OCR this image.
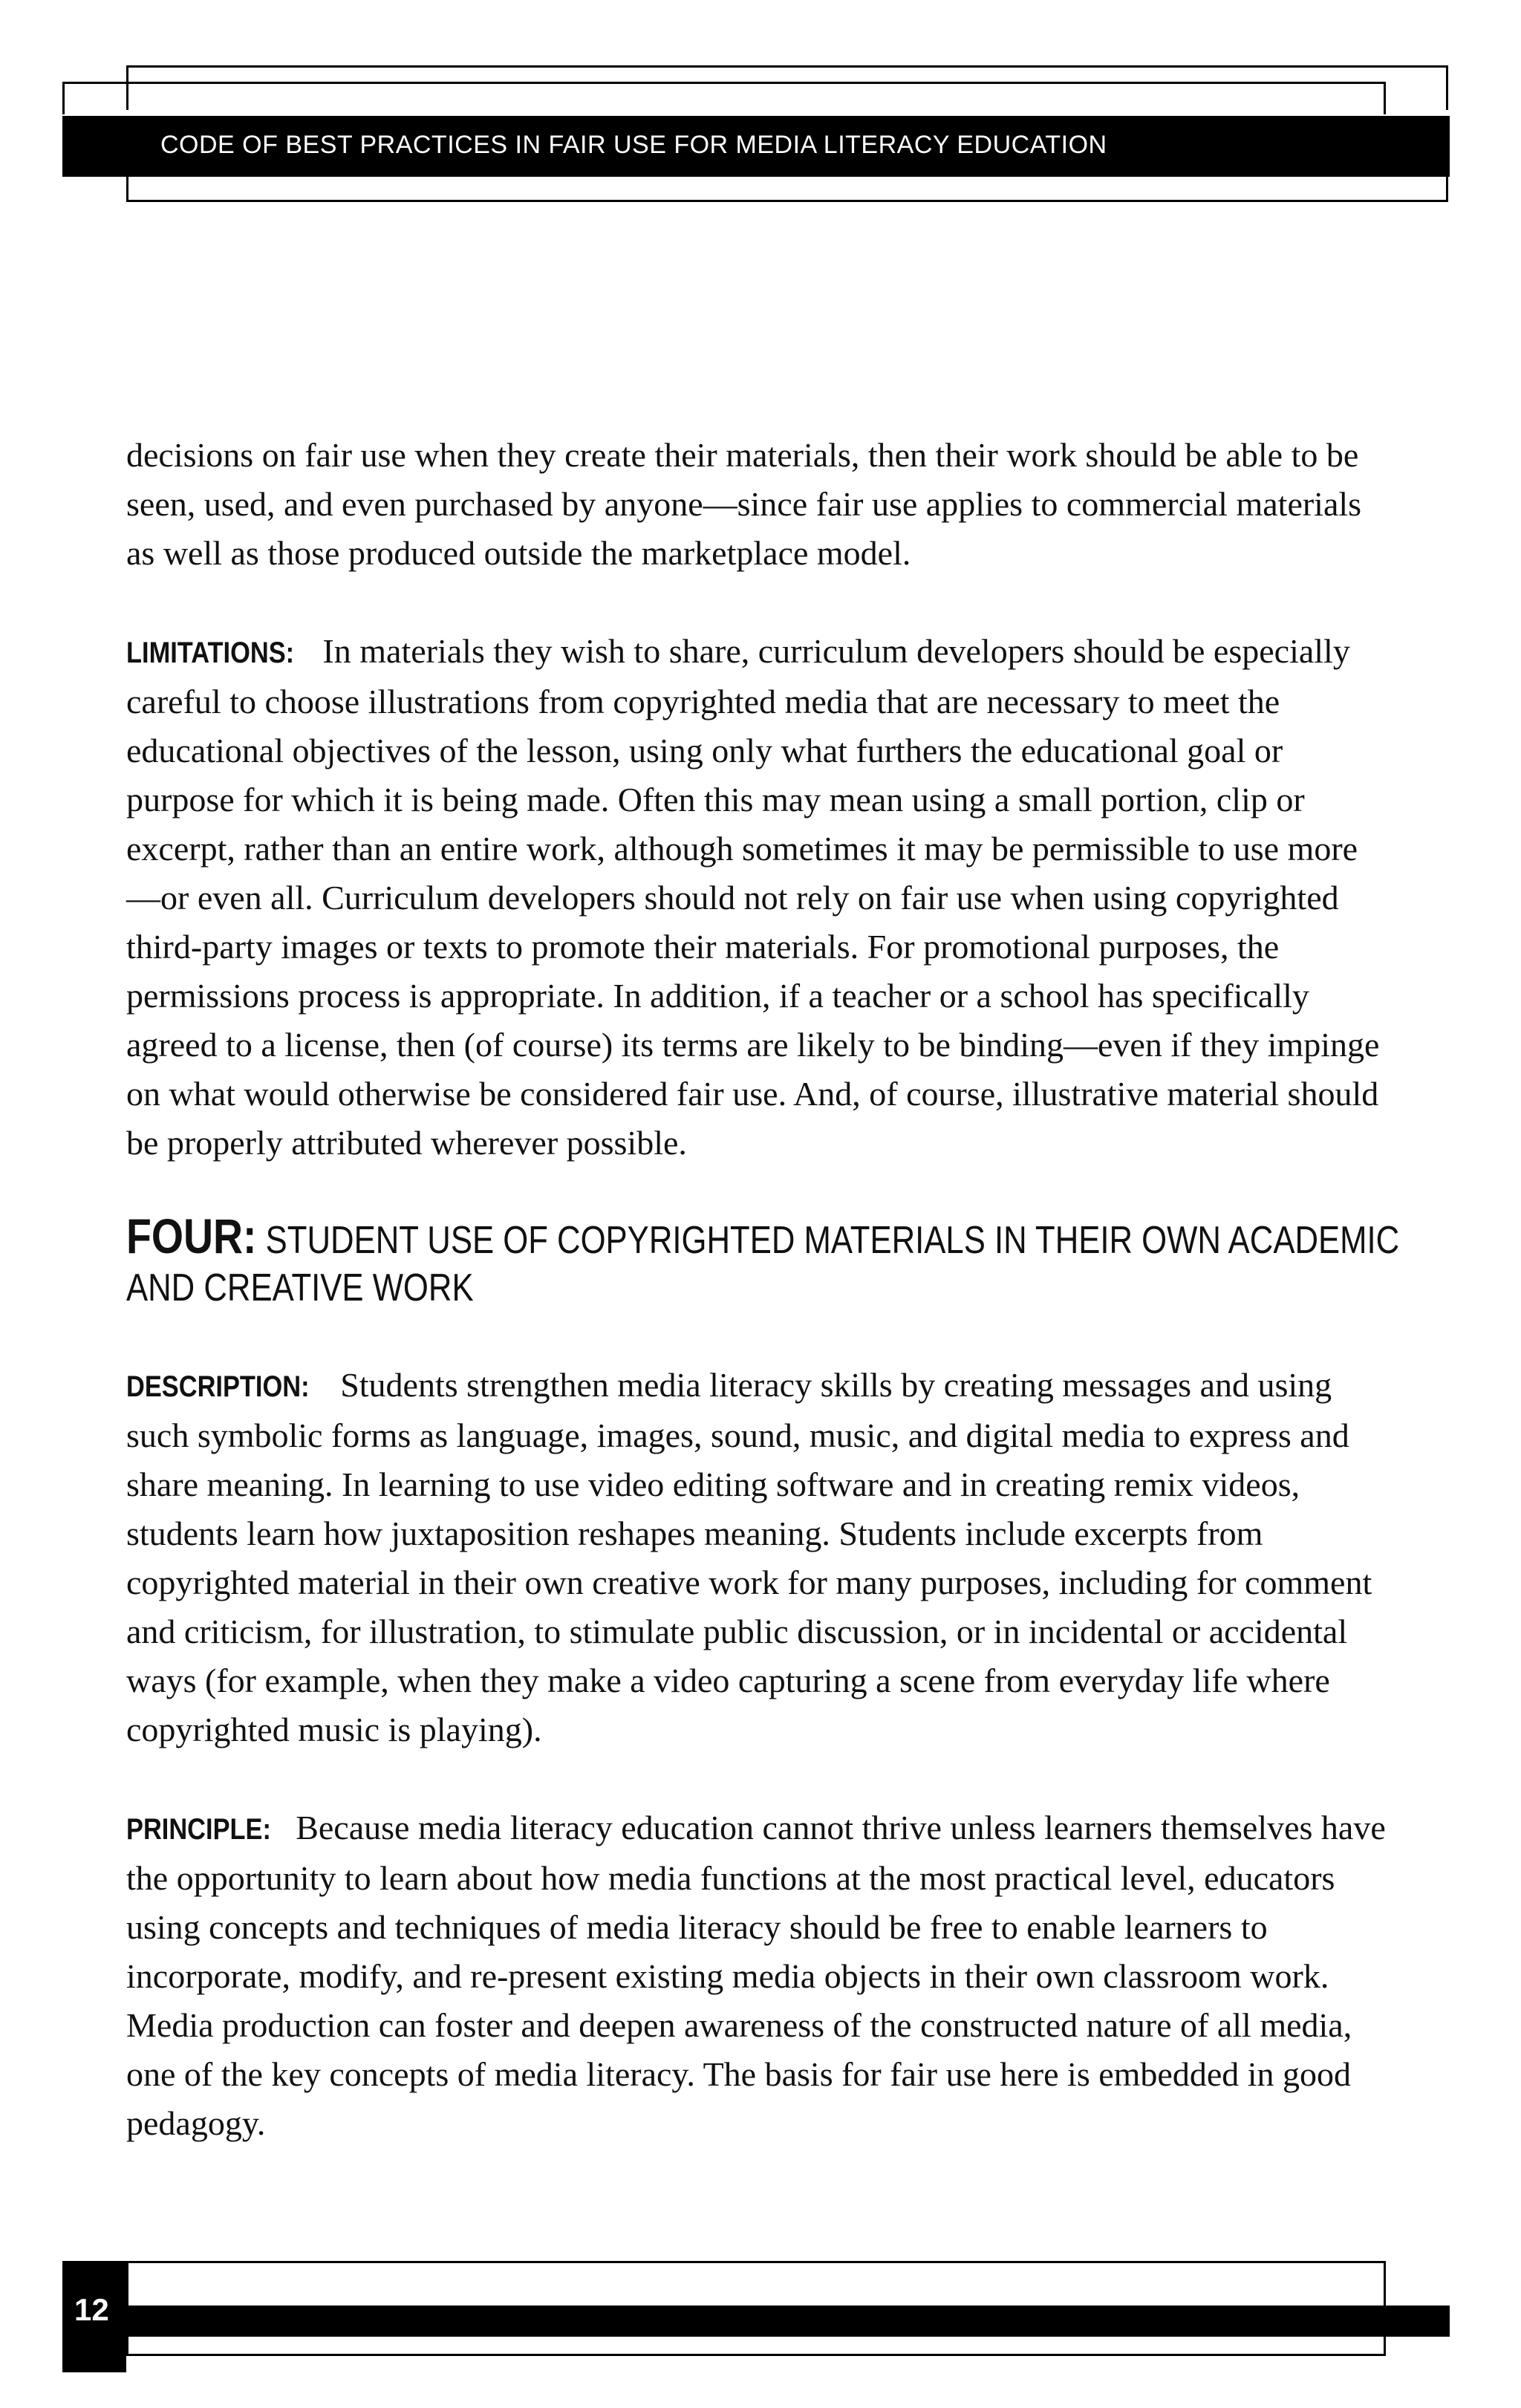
CODE OF BEST PRACTICES IN FAIR USE FOR MEDIA LITERACY EDUCATION

decisions on fair use when they create their materials, then their work should be able to be seen, used, and even purchased by anyone—since fair use applies to commercial materials as well as those produced outside the marketplace model.

LIMITATIONS: In materials they wish to share, curriculum developers should be especially careful to choose illustrations from copyrighted media that are necessary to meet the educational objectives of the lesson, using only what furthers the educational goal or purpose for which it is being made. Often this may mean using a small portion, clip or excerpt, rather than an entire work, although sometimes it may be permissible to use more—or even all. Curriculum developers should not rely on fair use when using copyrighted third-party images or texts to promote their materials. For promotional purposes, the permissions process is appropriate. In addition, if a teacher or a school has specifically agreed to a license, then (of course) its terms are likely to be binding—even if they impinge on what would otherwise be considered fair use. And, of course, illustrative material should be properly attributed wherever possible.

FOUR: STUDENT USE OF COPYRIGHTED MATERIALS IN THEIR OWN ACADEMIC AND CREATIVE WORK

DESCRIPTION: Students strengthen media literacy skills by creating messages and using such symbolic forms as language, images, sound, music, and digital media to express and share meaning. In learning to use video editing software and in creating remix videos, students learn how juxtaposition reshapes meaning. Students include excerpts from copyrighted material in their own creative work for many purposes, including for comment and criticism, for illustration, to stimulate public discussion, or in incidental or accidental ways (for example, when they make a video capturing a scene from everyday life where copyrighted music is playing).

PRINCIPLE: Because media literacy education cannot thrive unless learners themselves have the opportunity to learn about how media functions at the most practical level, educators using concepts and techniques of media literacy should be free to enable learners to incorporate, modify, and re-present existing media objects in their own classroom work. Media production can foster and deepen awareness of the constructed nature of all media, one of the key concepts of media literacy. The basis for fair use here is embedded in good pedagogy.

12
